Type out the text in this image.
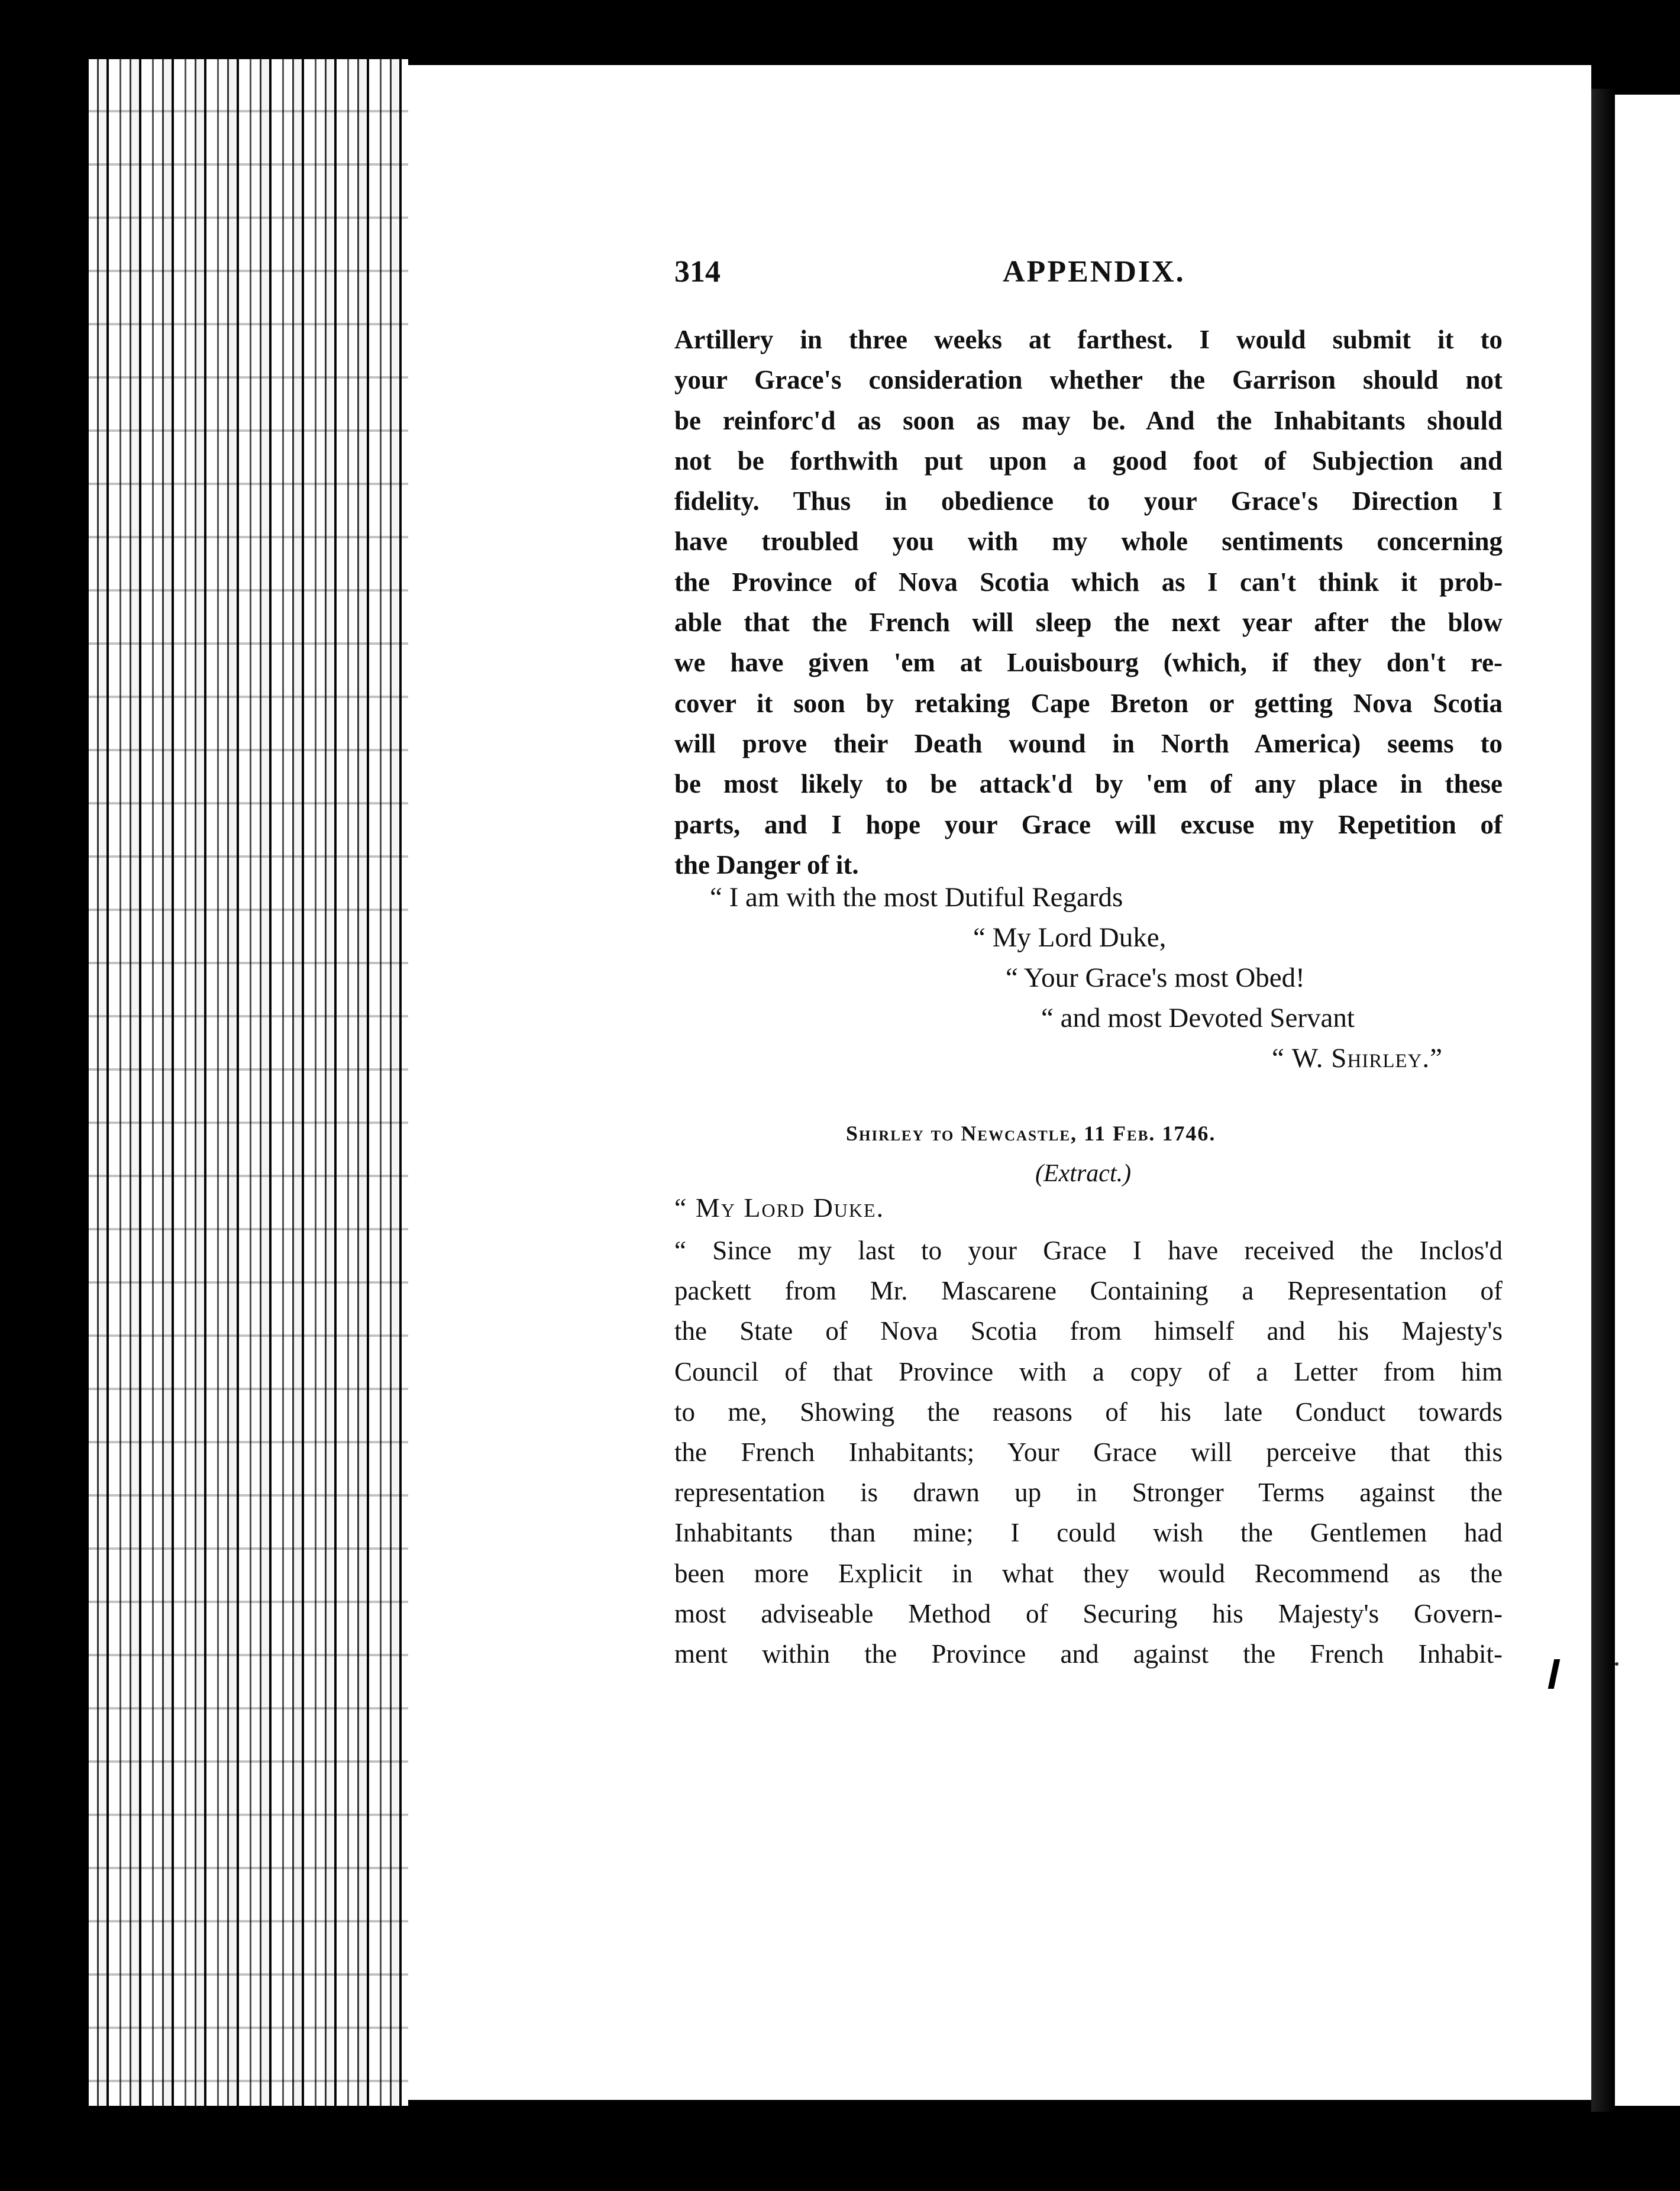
314	APPENDIX.
Artillery in three weeks at farthest. I would submit it to
your Grace's consideration whether the Garrison should not
be reinforc'd as soon as may be. And the Inhabitants should
not be forthwith put upon a good foot of Subjection and
fidelity. Thus in obedience to your Grace's Direction I
have troubled you with my whole sentiments concerning
the Province of Nova Scotia which as I can't think it prob-
able that the French will sleep the next year after the blow
we have given 'em at Louisbourg (which, if they don't re-
cover it soon by retaking Cape Breton or getting Nova Scotia
will prove their Death wound in North America) seems to
be most likely to be attack'd by 'em of any place in these
parts, and I hope your Grace will excuse my Repetition of
the Danger of it.
“ I am with the most Dutiful Regards
“ My Lord Duke,
“ Your Grace's most Obed!
“ and most Devoted Servant
“ W. Shirley.”
Shirley to Newcastle, 11 Feb. 1746.
(Extract.)
“ My Lord Duke.
“ Since my last to your Grace I have received the Inclos'd
packett from Mr. Mascarene Containing a Representation of
the State of Nova Scotia from himself and his Majesty's
Council of that Province with a copy of a Letter from him
to me, Showing the reasons of his late Conduct towards
the French Inhabitants; Your Grace will perceive that this
representation is drawn up in Stronger Terms against the
Inhabitants than mine; I could wish the Gentlemen had
been more Explicit in what they would Recommend as the
most adviseable Method of Securing his Majesty's Govern-
ment within the Province and against the French Inhabit-
